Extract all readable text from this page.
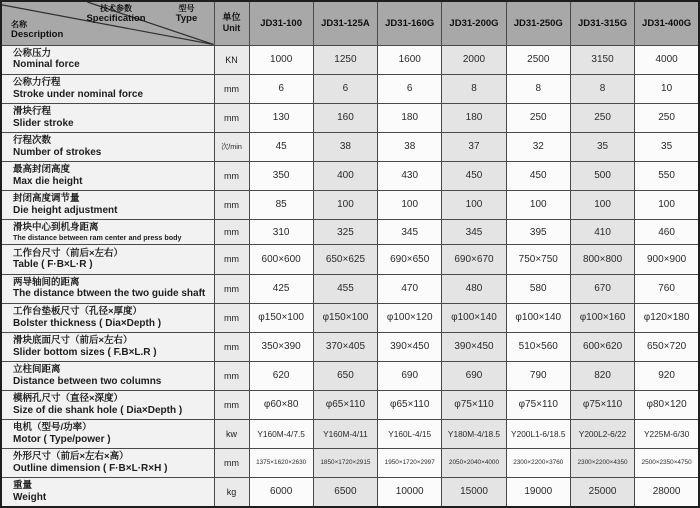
技术参数
Specification
型号
Type
名称
Description

单位
Unit	JD31-100	JD31-125A	JD31-160G	JD31-200G	JD31-250G	JD31-315G	JD31-400G

公称压力
Nominal force	KN	1000	1250	1600	2000	2500	3150	4000

公称力行程
Stroke under nominal force	mm	6	6	6	8	8	8	10

滑块行程
Slider stroke	mm	130	160	180	180	250	250	250

行程次数
Number of strokes	次/min	45	38	38	37	32	35	35

最高封闭高度
Max die height	mm	350	400	430	450	450	500	550

封闭高度调节量
Die height adjustment	mm	85	100	100	100	100	100	100

滑块中心到机身距离
The distance between ram center and press body	mm	310	325	345	345	395	410	460

工作台尺寸（前后×左右）
Table ( F·B×L·R )	mm	600×600	650×625	690×650	690×670	750×750	800×800	900×900

两导轴间的距离
The distance btween the two guide shaft	mm	425	455	470	480	580	670	760

工作台垫板尺寸（孔径×厚度）
Bolster thickness ( Dia×Depth )	mm	φ150×100	φ150×100	φ100×120	φ100×140	φ100×140	φ100×160	φ120×180

滑块底面尺寸（前后×左右）
Slider bottom sizes ( F.B×L.R )	mm	350×390	370×405	390×450	390×450	510×560	600×620	650×720

立柱间距离
Distance between two columns	mm	620	650	690	690	790	820	920

模柄孔尺寸（直径×深度）
Size of die shank hole ( Dia×Depth )	mm	φ60×80	φ65×110	φ65×110	φ75×110	φ75×110	φ75×110	φ80×120

电机（型号/功率）
Motor ( Type/power )	kw	Y160M-4/7.5	Y160M-4/11	Y160L-4/15	Y180M-4/18.5	Y200L1-6/18.5	Y200L2-6/22	Y225M-6/30

外形尺寸（前后×左右×高）
Outline dimension ( F·B×L·R×H )	mm	1375×1620×2630	1850×1720×2915	1950×1720×2997	2050×2040×4000	2300×2200×3760	2300×2200×4350	2500×2350×4750

重量
Weight	kg	6000	6500	10000	15000	19000	25000	28000
